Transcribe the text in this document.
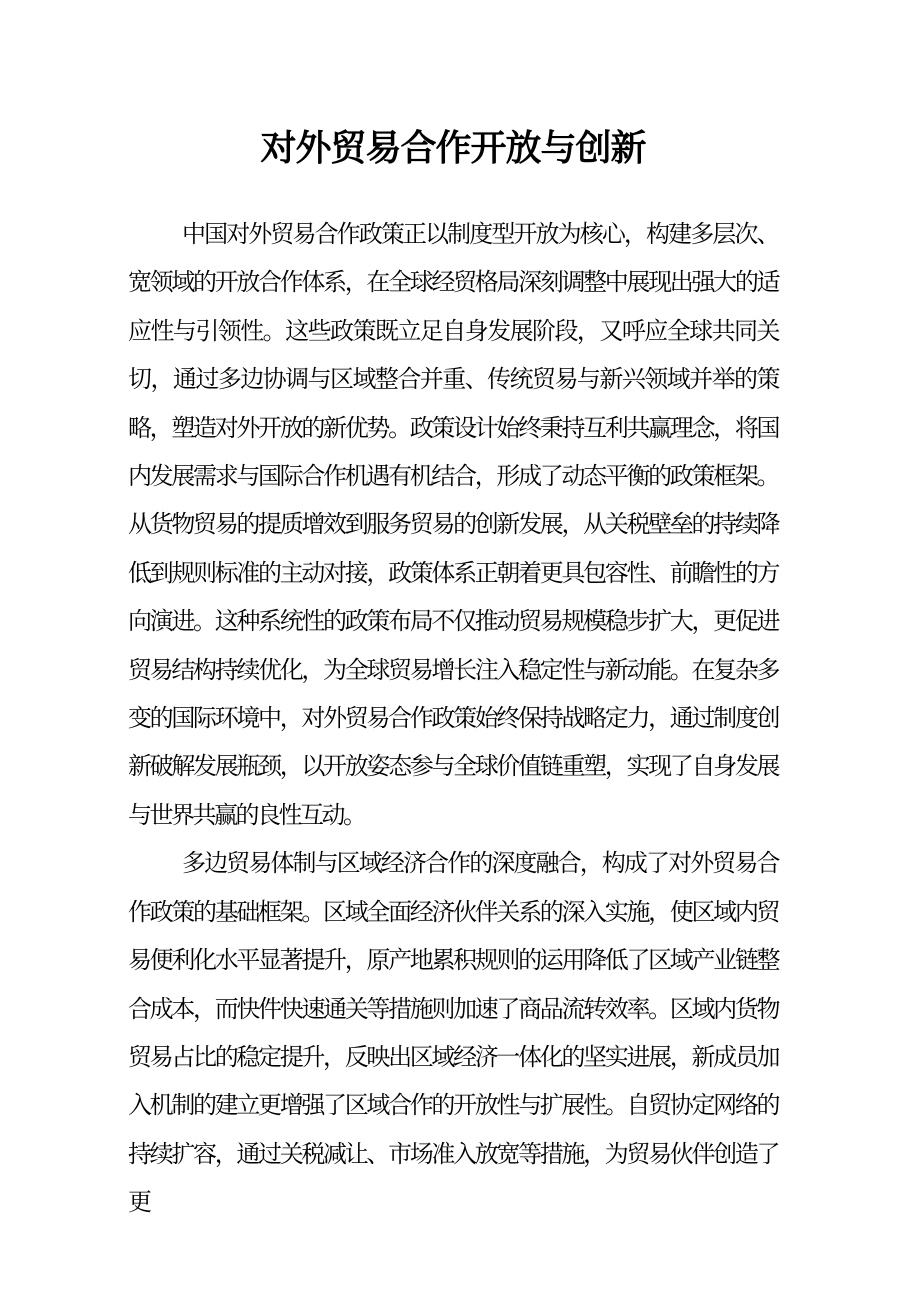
对外贸易合作开放与创新

中国对外贸易合作政策正以制度型开放为核心，构建多层次、宽领域的开放合作体系，在全球经贸格局深刻调整中展现出强大的适应性与引领性。这些政策既立足自身发展阶段，又呼应全球共同关切，通过多边协调与区域整合并重、传统贸易与新兴领域并举的策略，塑造对外开放的新优势。政策设计始终秉持互利共赢理念，将国内发展需求与国际合作机遇有机结合，形成了动态平衡的政策框架。从货物贸易的提质增效到服务贸易的创新发展，从关税壁垒的持续降低到规则标准的主动对接，政策体系正朝着更具包容性、前瞻性的方向演进。这种系统性的政策布局不仅推动贸易规模稳步扩大，更促进贸易结构持续优化，为全球贸易增长注入稳定性与新动能。在复杂多变的国际环境中，对外贸易合作政策始终保持战略定力，通过制度创新破解发展瓶颈，以开放姿态参与全球价值链重塑，实现了自身发展与世界共赢的良性互动。

多边贸易体制与区域经济合作的深度融合，构成了对外贸易合作政策的基础框架。区域全面经济伙伴关系的深入实施，使区域内贸易便利化水平显著提升，原产地累积规则的运用降低了区域产业链整合成本，而快件快速通关等措施则加速了商品流转效率。区域内货物贸易占比的稳定提升，反映出区域经济一体化的坚实进展，新成员加入机制的建立更增强了区域合作的开放性与扩展性。自贸协定网络的持续扩容，通过关税减让、市场准入放宽等措施，为贸易伙伴创造了更
